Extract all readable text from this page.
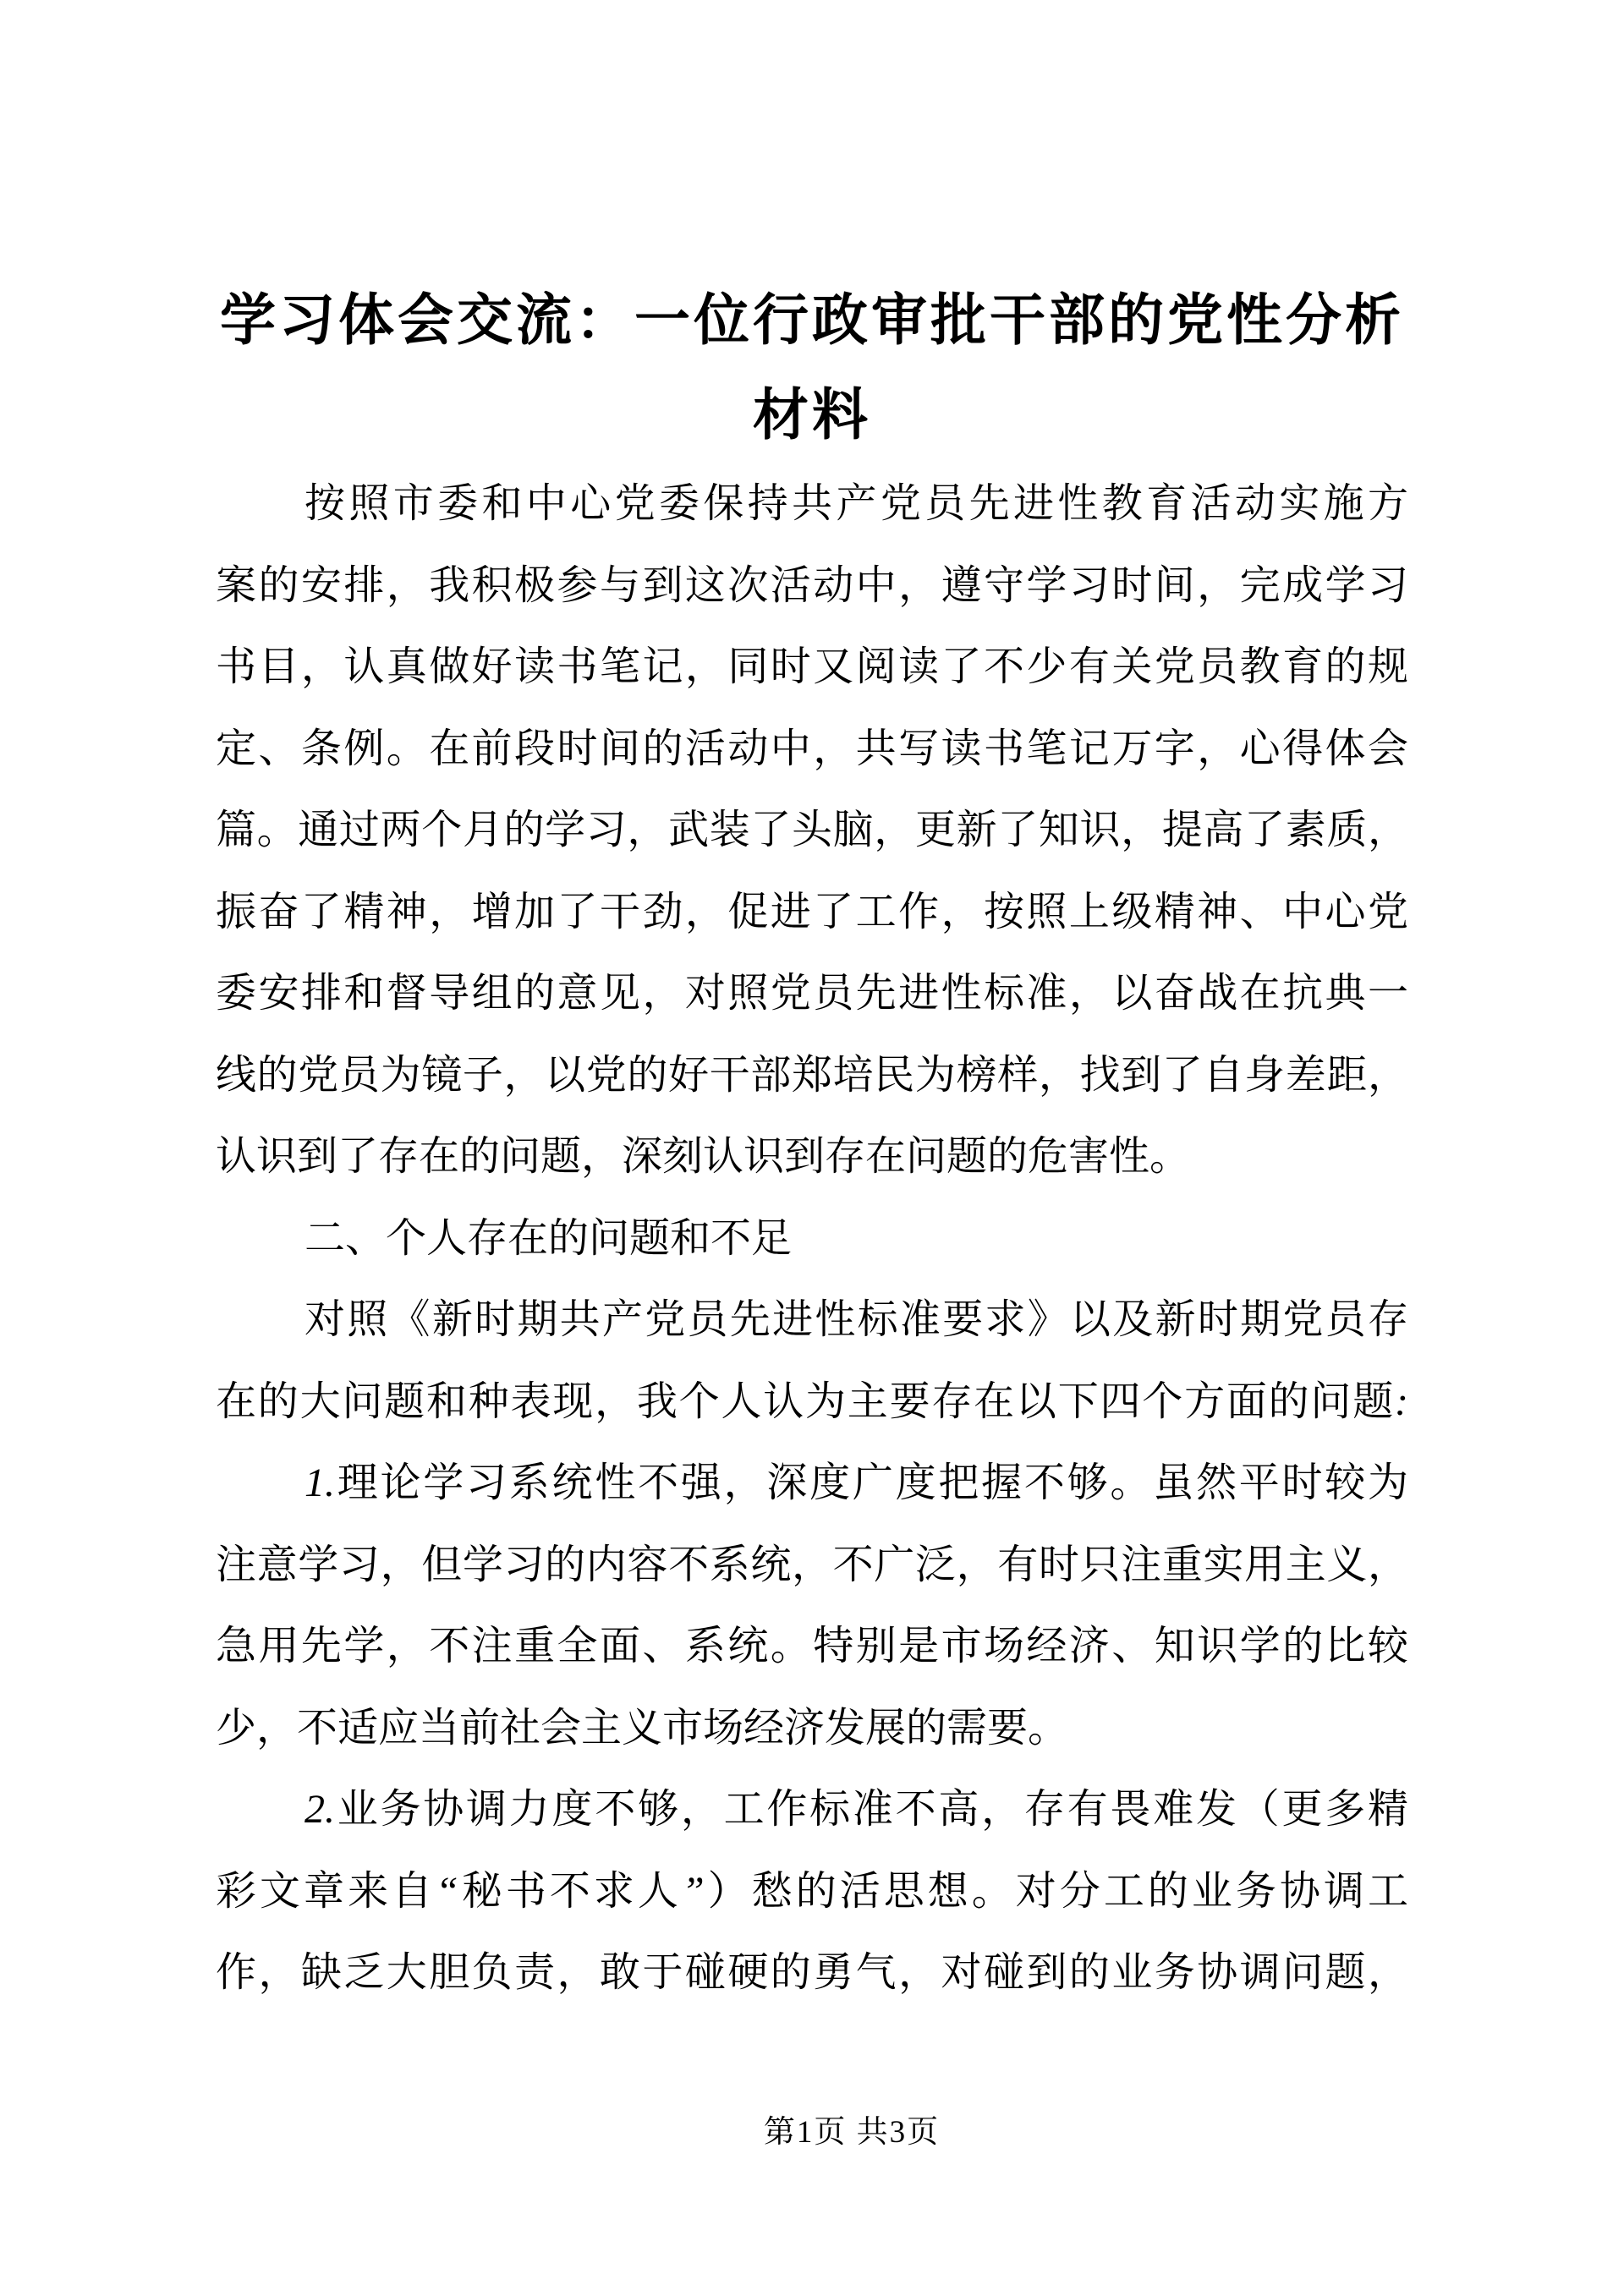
学习体会交流：一位行政审批干部的党性分析
材料
按照市委和中心党委保持共产党员先进性教育活动实施方
案的安排，我积极参与到这次活动中，遵守学习时间，完成学习
书目，认真做好读书笔记，同时又阅读了不少有关党员教育的规
定、条例。在前段时间的活动中，共写读书笔记万字，心得体会
篇。通过两个月的学习，武装了头脑，更新了知识，提高了素质，
振奋了精神，增加了干劲，促进了工作，按照上级精神、中心党
委安排和督导组的意见，对照党员先进性标准，以奋战在抗典一
线的党员为镜子，以党的好干部郑培民为榜样，找到了自身差距，
认识到了存在的问题，深刻认识到存在问题的危害性。
二、个人存在的问题和不足
对照《新时期共产党员先进性标准要求》以及新时期党员存
在的大问题和种表现，我个人认为主要存在以下四个方面的问题:
1.理论学习系统性不强，深度广度把握不够。虽然平时较为
注意学习，但学习的内容不系统，不广泛，有时只注重实用主义，
急用先学，不注重全面、系统。特别是市场经济、知识学的比较
少，不适应当前社会主义市场经济发展的需要。
2.业务协调力度不够，工作标准不高，存有畏难发（更多精
彩文章来自“秘书不求人”）愁的活思想。对分工的业务协调工
作，缺乏大胆负责，敢于碰硬的勇气，对碰到的业务协调问题，
第1页 共3页
